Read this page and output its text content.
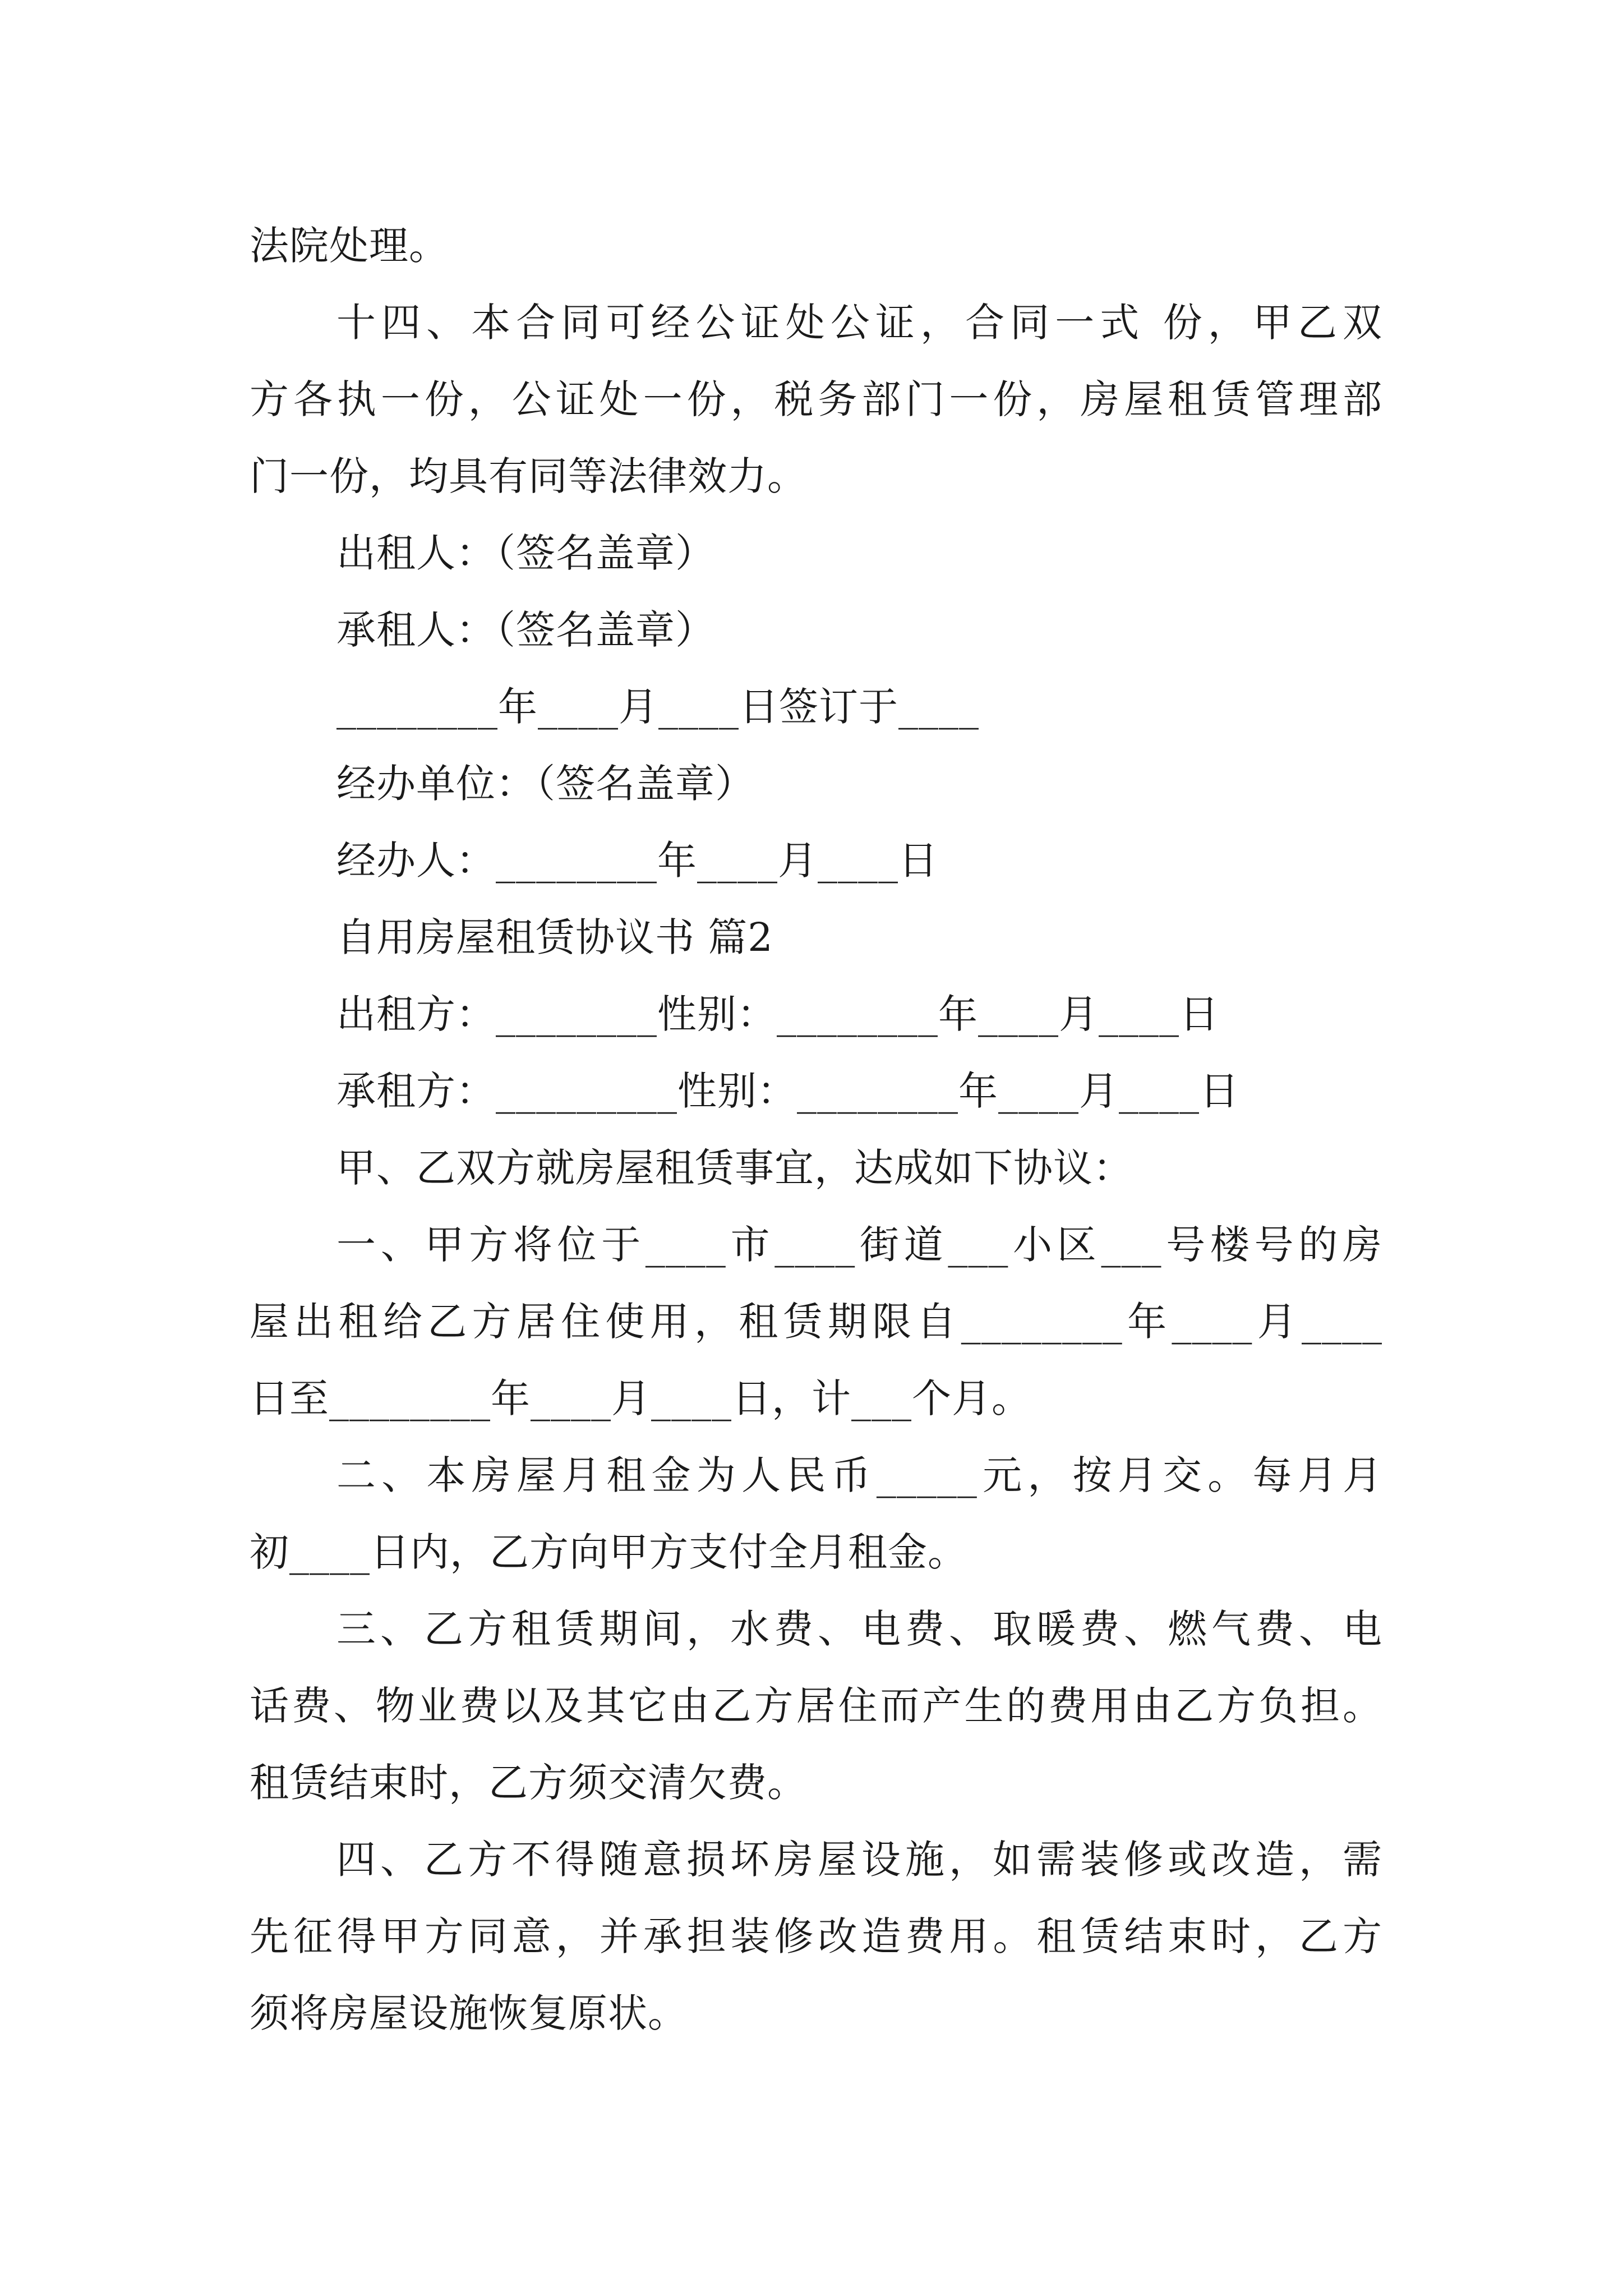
法院处理。
十四、本合同可经公证处公证，合同一式 份，甲乙双
方各执一份，公证处一份，税务部门一份，房屋租赁管理部
门一份，均具有同等法律效力。
出租人：（签名盖章）
承租人：（签名盖章）
________年____月____日签订于____
经办单位：（签名盖章）
经办人：________年____月____日
自用房屋租赁协议书 篇2
出租方：________性别：________年____月____日
承租方：_________性别：________年____月____日
甲、乙双方就房屋租赁事宜，达成如下协议：
一、甲方将位于____市____街道___小区___号楼号的房
屋出租给乙方居住使用，租赁期限自________年____月____
日至________年____月____日，计___个月。
二、本房屋月租金为人民币_____元，按月交。每月月
初____日内，乙方向甲方支付全月租金。
三、乙方租赁期间，水费、电费、取暖费、燃气费、电
话费、物业费以及其它由乙方居住而产生的费用由乙方负担。
租赁结束时，乙方须交清欠费。
四、乙方不得随意损坏房屋设施，如需装修或改造，需
先征得甲方同意，并承担装修改造费用。租赁结束时，乙方
须将房屋设施恢复原状。
